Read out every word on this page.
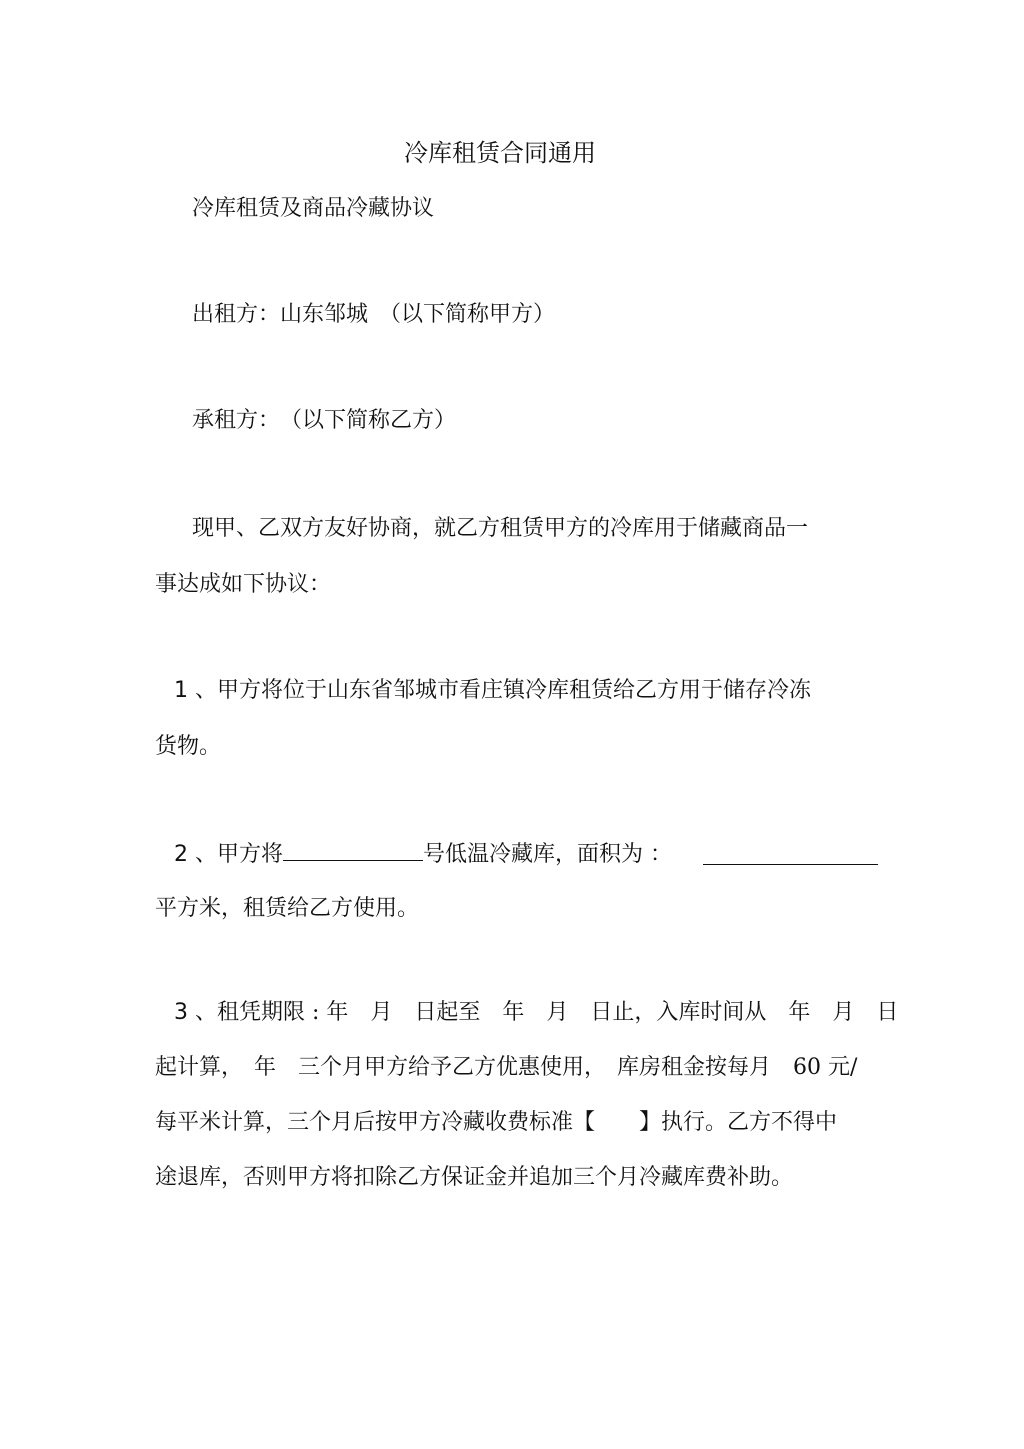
冷库租赁合同通用
冷库租赁及商品冷藏协议
出租方：山东邹城　（以下简称甲方）
承租方：　（以下简称乙方）
现甲、乙双方友好协商，就乙方租赁甲方的冷库用于储藏商品一
事达成如下协议：
1 、甲方将位于山东省邹城市看庄镇冷库租赁给乙方用于储存冷冻
货物。
2 、甲方将	号低温冷藏库，面积为 ：
平方米，租赁给乙方使用。
3 、租凭期限 : 年　月　日起至　年　月　日止，入库时间从　年　月　日
起计算，　年　三个月甲方给予乙方优惠使用，　库房租金按每月　60 元/
每平米计算，三个月后按甲方冷藏收费标准【　　】执行。乙方不得中
途退库，否则甲方将扣除乙方保证金并追加三个月冷藏库费补助。
